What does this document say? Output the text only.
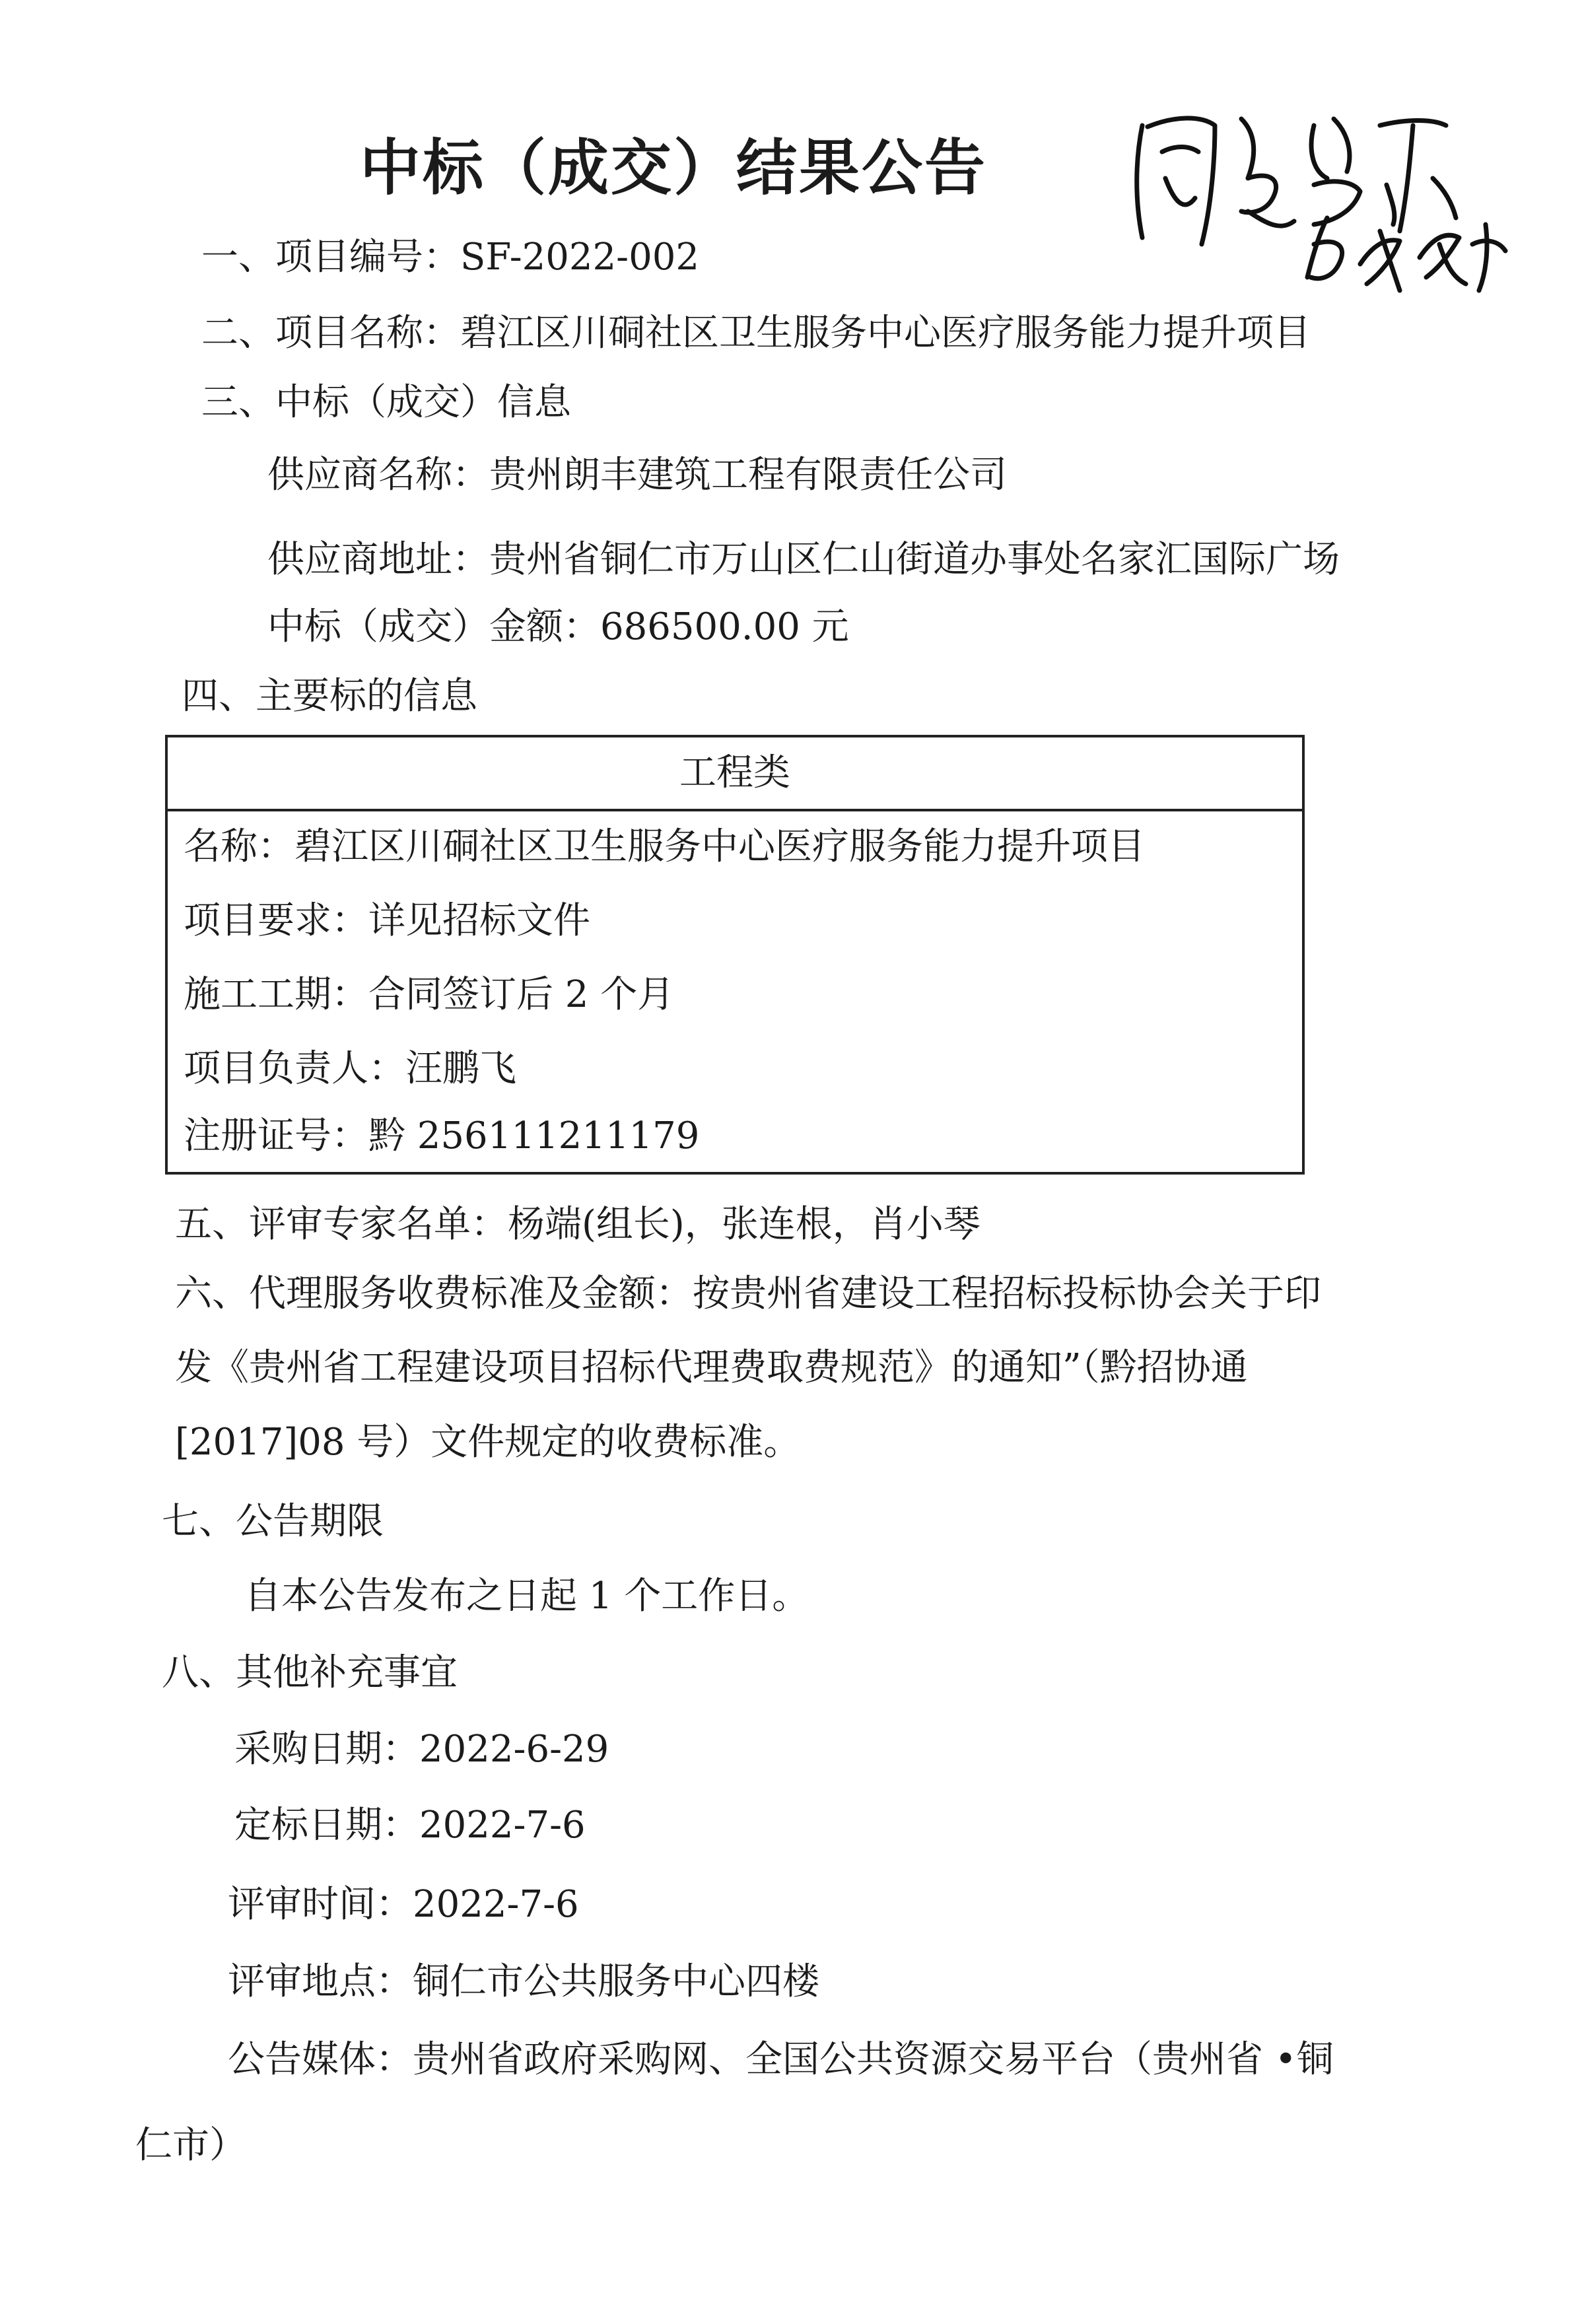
中标（成交）结果公告
一、项目编号：SF-2022-002
二、项目名称：碧江区川硐社区卫生服务中心医疗服务能力提升项目
三、中标（成交）信息
供应商名称：贵州朗丰建筑工程有限责任公司
供应商地址：贵州省铜仁市万山区仁山街道办事处名家汇国际广场
中标（成交）金额：686500.00 元
四、主要标的信息
工程类
名称：碧江区川硐社区卫生服务中心医疗服务能力提升项目
项目要求：详见招标文件
施工工期：合同签订后 2 个月
项目负责人：汪鹏飞
注册证号：黔 256111211179
五、评审专家名单：杨端(组长)，张连根，肖小琴
六、代理服务收费标准及金额：按贵州省建设工程招标投标协会关于印
发《贵州省工程建设项目招标代理费取费规范》的通知”（黔招协通
[2017]08 号）文件规定的收费标准。
七、公告期限
自本公告发布之日起 1 个工作日。
八、其他补充事宜
采购日期：2022-6-29
定标日期：2022-7-6
评审时间：2022-7-6
评审地点：铜仁市公共服务中心四楼
公告媒体：贵州省政府采购网、全国公共资源交易平台（贵州省 •铜
仁市）
